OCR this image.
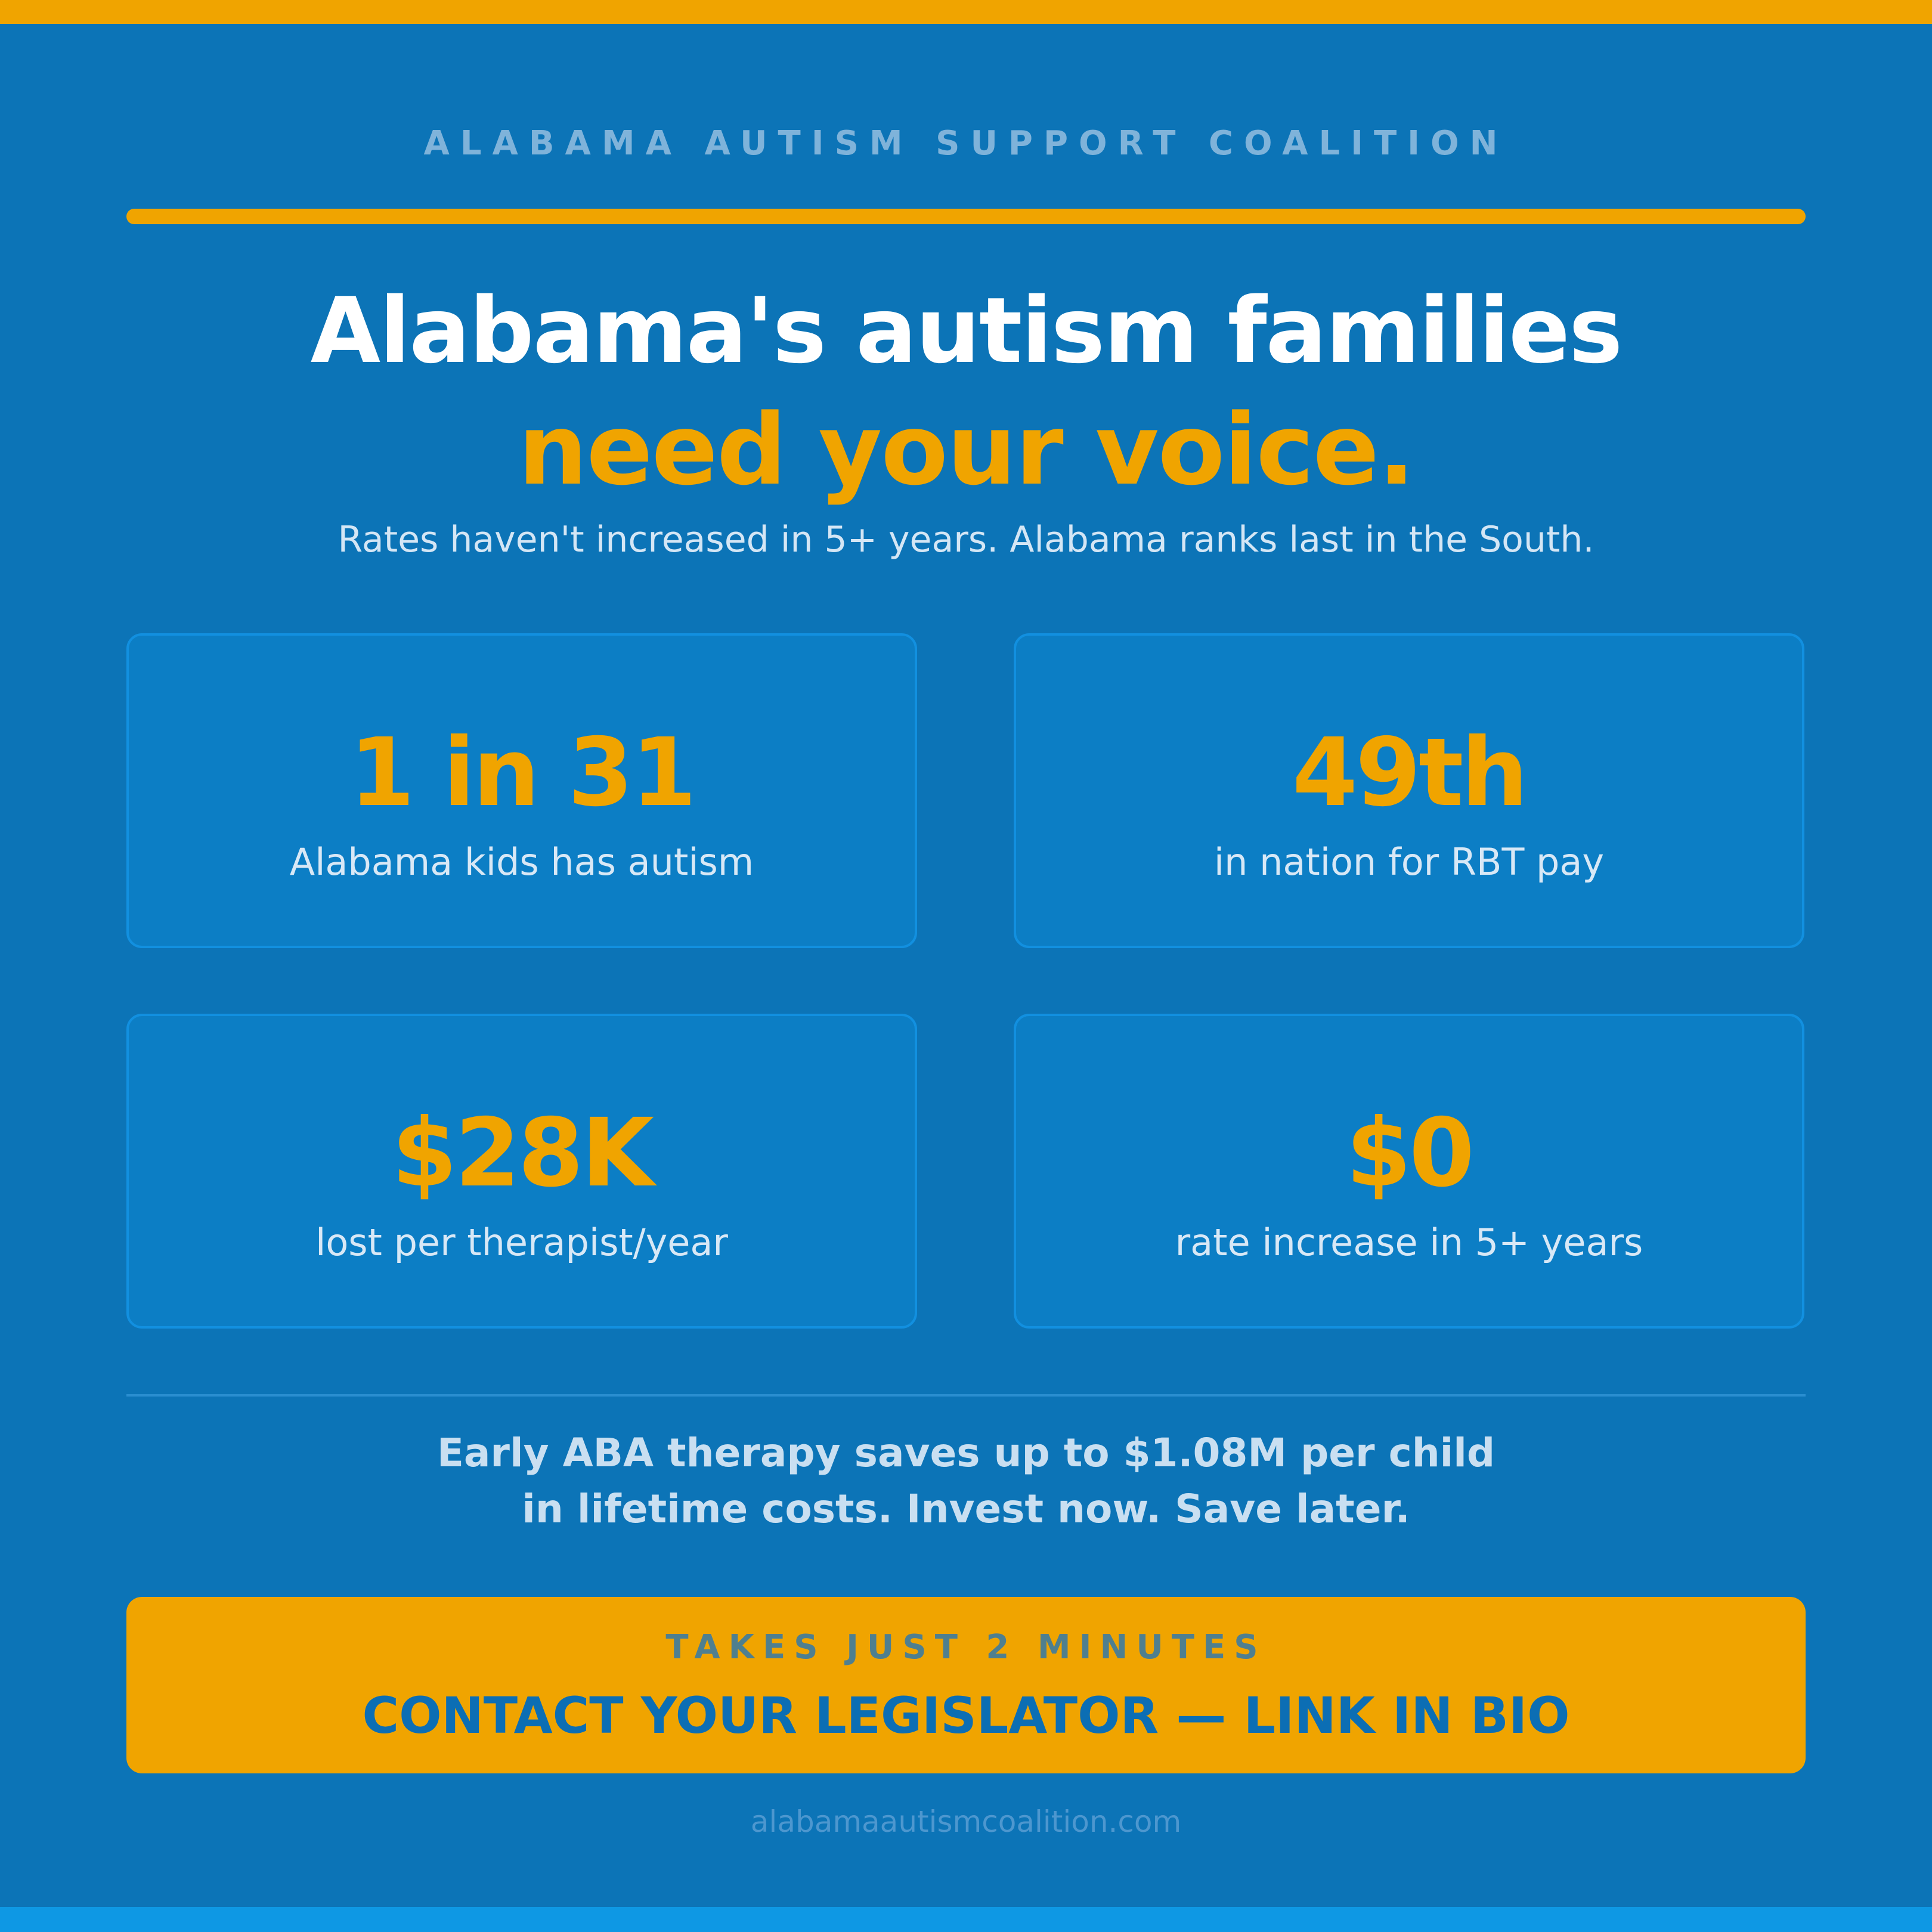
ALABAMA AUTISM SUPPORT COALITION
Alabama's autism families
need your voice.
Rates haven't increased in 5+ years. Alabama ranks last in the South.
1 in 31
Alabama kids has autism
49th
in nation for RBT pay
$28K
lost per therapist/year
$0
rate increase in 5+ years
Early ABA therapy saves up to $1.08M per child
in lifetime costs. Invest now. Save later.
TAKES JUST 2 MINUTES
CONTACT YOUR LEGISLATOR — LINK IN BIO
alabamaautismcoalition.com
